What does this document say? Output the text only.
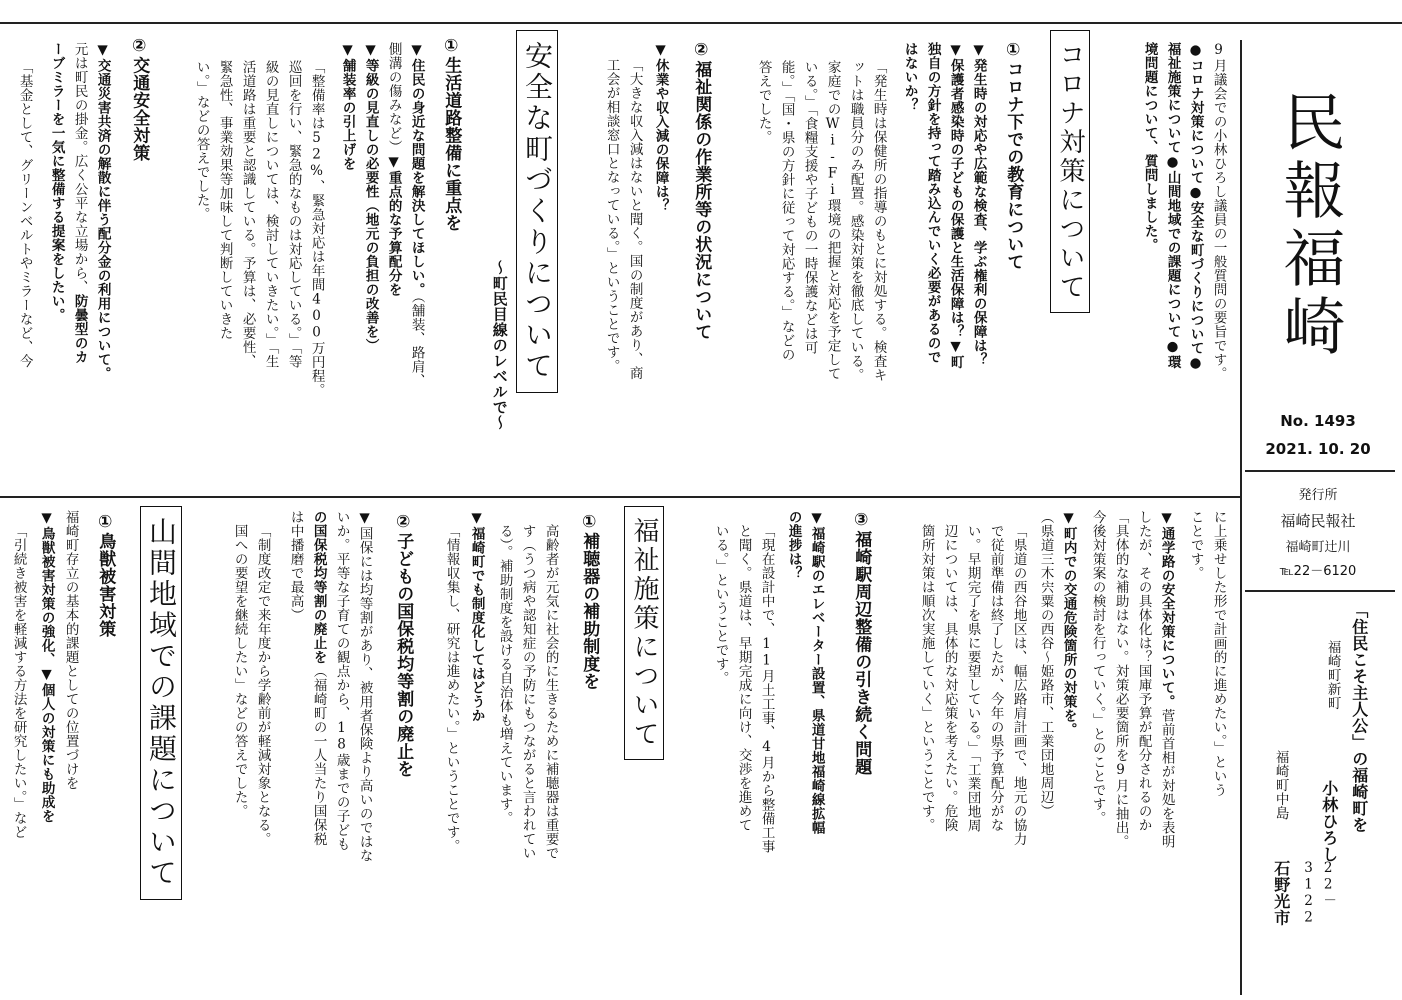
民報福崎
No. 1493
2021. 10. 20
発行所
福崎民報社
福崎町辻川
℡22－6120
「住民こそ主人公」の福崎町を
福崎町新町
小林ひろし
22－3122
福崎町中島
石野光市
9月議会での小林ひろし議員の一般質問の要旨です。
●コロナ対策について●安全な町づくりについて●
福祉施策について●山間地域での課題について●環
境問題について、質問しました。
コロナ対策について
①コロナ下での教育について
▼発生時の対応や広範な検査、学ぶ権利の保障は？
▼保護者感染時の子どもの保護と生活保障は？▼町
独自の方針を持って踏み込んでいく必要があるので
はないか？
「発生時は保健所の指導のもとに対処する。検査キ
ットは職員分のみ配置。感染対策を徹底している。
家庭でのWi-Fi環境の把握と対応を予定して
いる。」「食糧支援や子どもの一時保護などは可
能。」「国・県の方針に従って対応する。」などの
答えでした。
②福祉関係の作業所等の状況について
▼休業や収入減の保障は？
「大きな収入減はないと聞く。国の制度があり、商
工会が相談窓口となっている。」ということです。
安全な町づくりについて
～町民目線のレベルで～
①生活道路整備に重点を
▼住民の身近な問題を解決してほしい。（舗装、路肩、
側溝の傷みなど）▼重点的な予算配分を
▼等級の見直しの必要性（地元の負担の改善を）
▼舗装率の引上げを
「整備率は52%、緊急対応は年間400万円程。
巡回を行い、緊急的なものは対応している。」「等
級の見直しについては、検討していきたい。」「生
活道路は重要と認識している。予算は、必要性、
緊急性、事業効果等加味して判断していきた
い。」などの答えでした。
②交通安全対策
▼交通災害共済の解散に伴う配分金の利用について。
元は町民の掛金。広く公平な立場から、防曇型のカ
ーブミラーを一気に整備する提案をしたい。
「基金として、グリーンベルトやミラーなど、今
に上乗せした形で計画的に進めたい。」という
ことです。
▼通学路の安全対策について。菅前首相が対処を表明
したが、その具体化は？国庫予算が配分されるのか
「具体的な補助はない。対策必要箇所を9月に抽出。
今後対策案の検討を行っていく。」とのことです。
▼町内での交通危険箇所の対策を。
（県道三木宍粟の西谷～姫路市、工業団地周辺）
「県道の西谷地区は、幅広路肩計画で、地元の協力
で従前準備は終了したが、今年の県予算配分がな
い。早期完了を県に要望している。」「工業団地周
辺については、具体的な対応策を考えたい。危険
箇所対策は順次実施していく」ということです。
③福崎駅周辺整備の引き続く問題
▼福崎駅のエレベーター設置、県道甘地福崎線拡幅
の進捗は？
「現在設計中で、11月土工事、4月から整備工事
と聞く。県道は、早期完成に向け、交渉を進めて
いる。」ということです。
福祉施策について
①補聴器の補助制度を
高齢者が元気に社会的に生きるために補聴器は重要で
す（うつ病や認知症の予防にもつながると言われてい
る）。補助制度を設ける自治体も増えています。
▼福崎町でも制度化してはどうか
「情報収集し、研究は進めたい。」ということです。
②子どもの国保税均等割の廃止を
▼国保には均等割があり、被用者保険より高いのではな
いか。平等な子育ての観点から、18歳までの子ども
の国保税均等割の廃止を（福崎町の一人当たり国保税
は中播磨で最高）
「制度改定で来年度から学齢前が軽減対象となる。
国への要望を継続したい」などの答えでした。
山間地域での課題について
①鳥獣被害対策
福崎町存立の基本的課題としての位置づけを
▼鳥獣被害対策の強化、▼個人の対策にも助成を
「引続き被害を軽減する方法を研究したい。」など
